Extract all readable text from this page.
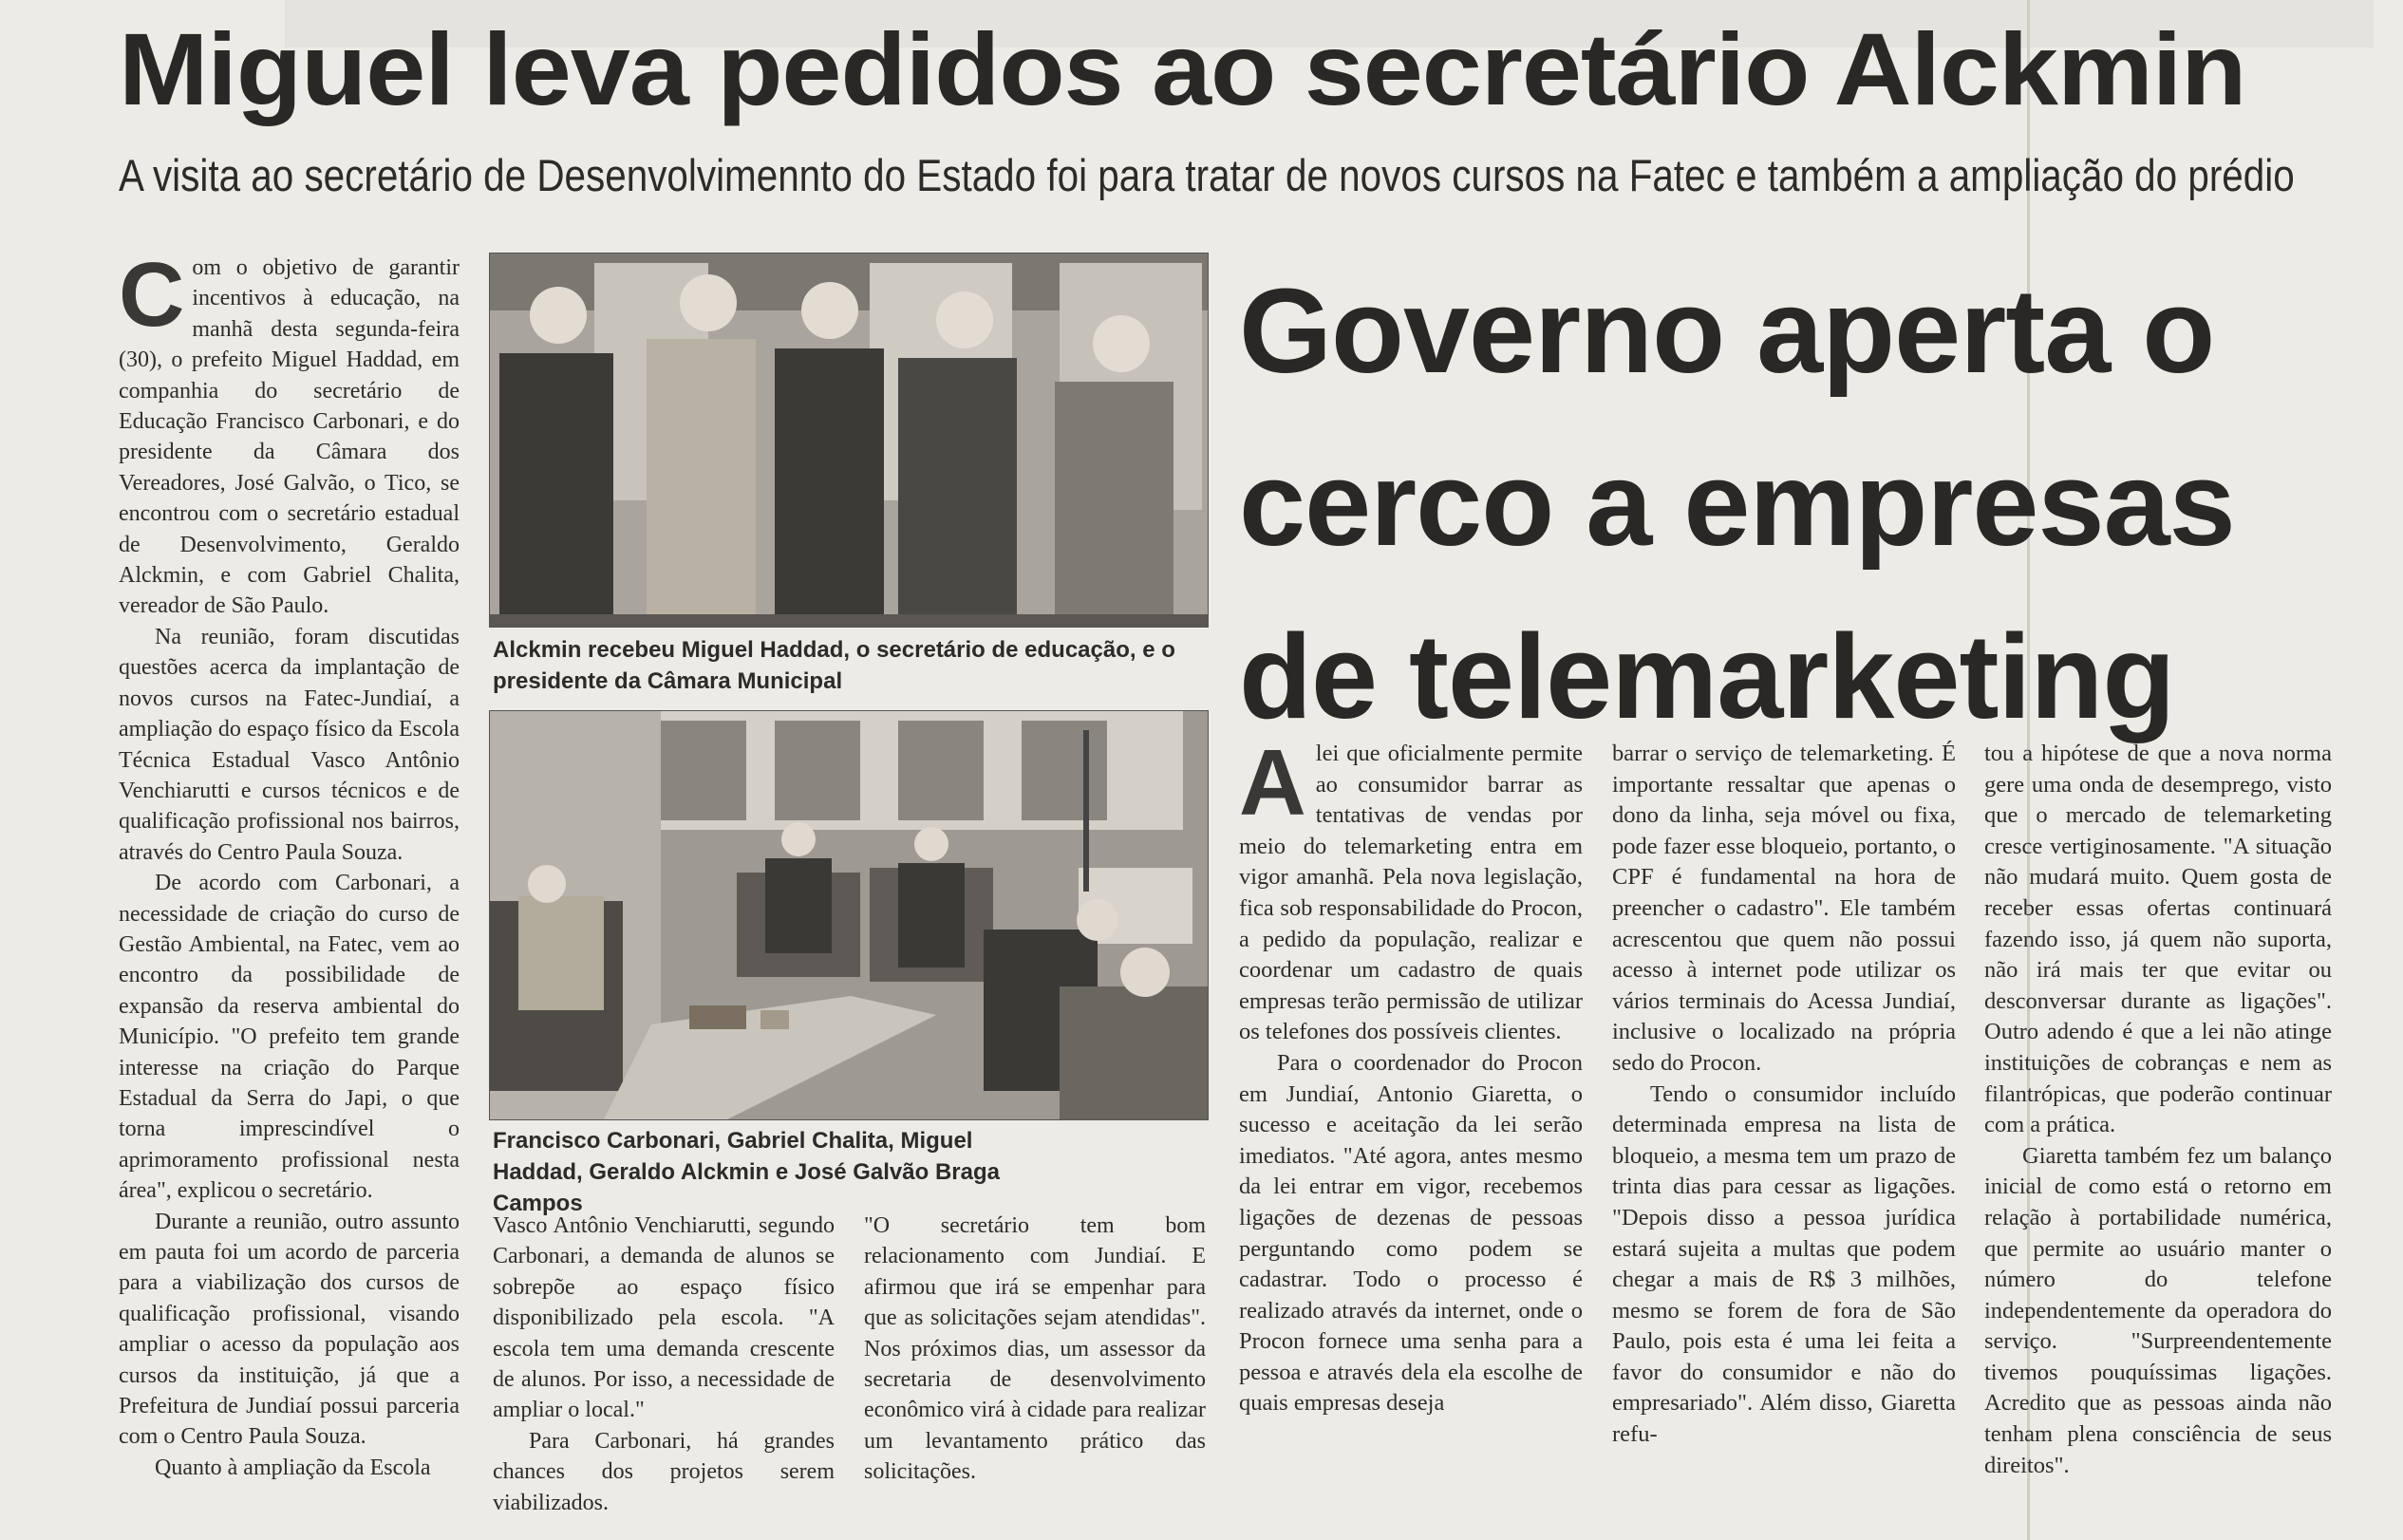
Miguel leva pedidos ao secretário Alckmin
A visita ao secretário de Desenvolvimennto do Estado foi para tratar de novos cursos na Fatec e também a ampliação do prédio
C om o objetivo de garantir incentivos à educação, na manhã desta segunda-feira (30), o prefeito Miguel Haddad, em companhia do secretário de Educação Francisco Carbonari, e do presidente da Câmara dos Vereadores, José Galvão, o Tico, se encontrou com o secretário estadual de Desenvolvimento, Geraldo Alckmin, e com Gabriel Chalita, vereador de São Paulo.

Na reunião, foram discutidas questões acerca da implantação de novos cursos na Fatec-Jundiaí, a ampliação do espaço físico da Escola Técnica Estadual Vasco Antônio Venchiarutti e cursos técnicos e de qualificação profissional nos bairros, através do Centro Paula Souza.

De acordo com Carbonari, a necessidade de criação do curso de Gestão Ambiental, na Fatec, vem ao encontro da possibilidade de expansão da reserva ambiental do Município. "O prefeito tem grande interesse na criação do Parque Estadual da Serra do Japi, o que torna imprescindível o aprimoramento profissional nesta área", explicou o secretário.

Durante a reunião, outro assunto em pauta foi um acordo de parceria para a viabilização dos cursos de qualificação profissional, visando ampliar o acesso da população aos cursos da instituição, já que a Prefeitura de Jundiaí possui parceria com o Centro Paula Souza.

Quanto à ampliação da Escola

Alckmin recebeu Miguel Haddad, o secretário de educação, e o presidente da Câmara Municipal
Francisco Carbonari, Gabriel Chalita, Miguel Haddad, Geraldo Alckmin e José Galvão Braga Campos

Vasco Antônio Venchiarutti, segundo Carbonari, a demanda de alunos se sobrepõe ao espaço físico disponibilizado pela escola. "A escola tem uma demanda crescente de alunos. Por isso, a necessidade de ampliar o local."

Para Carbonari, há grandes chances dos projetos serem viabilizados.

"O secretário tem bom relacionamento com Jundiaí. E afirmou que irá se empenhar para que as solicitações sejam atendidas". Nos próximos dias, um assessor da secretaria de desenvolvimento econômico virá à cidade para realizar um levantamento prático das solicitações.

Governo aperta o
cerco a empresas
de telemarketing
A lei que oficialmente permite ao consumidor barrar as tentativas de vendas por meio do telemarketing entra em vigor amanhã. Pela nova legislação, fica sob responsabilidade do Procon, a pedido da população, realizar e coordenar um cadastro de quais empresas terão permissão de utilizar os telefones dos possíveis clientes.

Para o coordenador do Procon em Jundiaí, Antonio Giaretta, o sucesso e aceitação da lei serão imediatos. "Até agora, antes mesmo da lei entrar em vigor, recebemos ligações de dezenas de pessoas perguntando como podem se cadastrar. Todo o processo é realizado através da internet, onde o Procon fornece uma senha para a pessoa e através dela ela escolhe de quais empresas deseja

barrar o serviço de telemarketing. É importante ressaltar que apenas o dono da linha, seja móvel ou fixa, pode fazer esse bloqueio, portanto, o CPF é fundamental na hora de preencher o cadastro". Ele também acrescentou que quem não possui acesso à internet pode utilizar os vários terminais do Acessa Jundiaí, inclusive o localizado na própria sedo do Procon.

Tendo o consumidor incluído determinada empresa na lista de bloqueio, a mesma tem um prazo de trinta dias para cessar as ligações. "Depois disso a pessoa jurídica estará sujeita a multas que podem chegar a mais de R$ 3 milhões, mesmo se forem de fora de São Paulo, pois esta é uma lei feita a favor do consumidor e não do empresariado". Além disso, Giaretta refu-

tou a hipótese de que a nova norma gere uma onda de desemprego, visto que o mercado de telemarketing cresce vertiginosamente. "A situação não mudará muito. Quem gosta de receber essas ofertas continuará fazendo isso, já quem não suporta, não irá mais ter que evitar ou desconversar durante as ligações". Outro adendo é que a lei não atinge instituições de cobranças e nem as filantrópicas, que poderão continuar com a prática.

Giaretta também fez um balanço inicial de como está o retorno em relação à portabilidade numérica, que permite ao usuário manter o número do telefone independentemente da operadora do serviço. "Surpreendentemente tivemos pouquíssimas ligações. Acredito que as pessoas ainda não tenham plena consciência de seus direitos".
